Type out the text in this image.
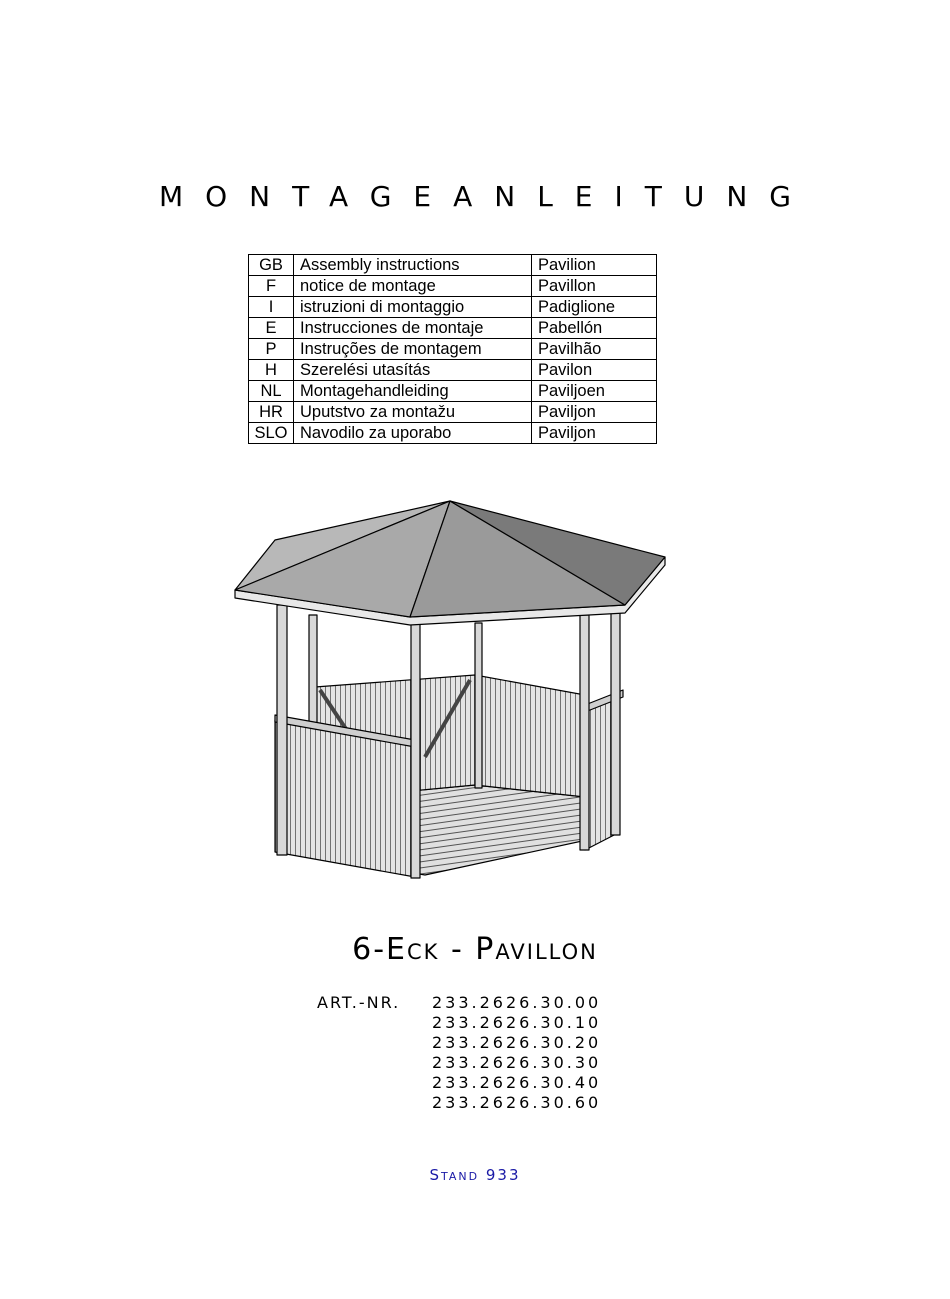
MONTAGEANLEITUNG
GB	Assembly instructions	Pavilion
F	notice de montage	Pavillon
I	istruzioni di montaggio	Padiglione
E	Instrucciones de montaje	Pabellón
P	Instruções de montagem	Pavilhão
H	Szerelési utasítás	Pavilon
NL	Montagehandleiding	Paviljoen
HR	Uputstvo za montažu	Paviljon
SLO	Navodilo za uporabo	Paviljon
6-Eck - Pavillon
ART.-NR. 233.2626.30.00
233.2626.30.10
233.2626.30.20
233.2626.30.30
233.2626.30.40
233.2626.30.60
Stand 933
